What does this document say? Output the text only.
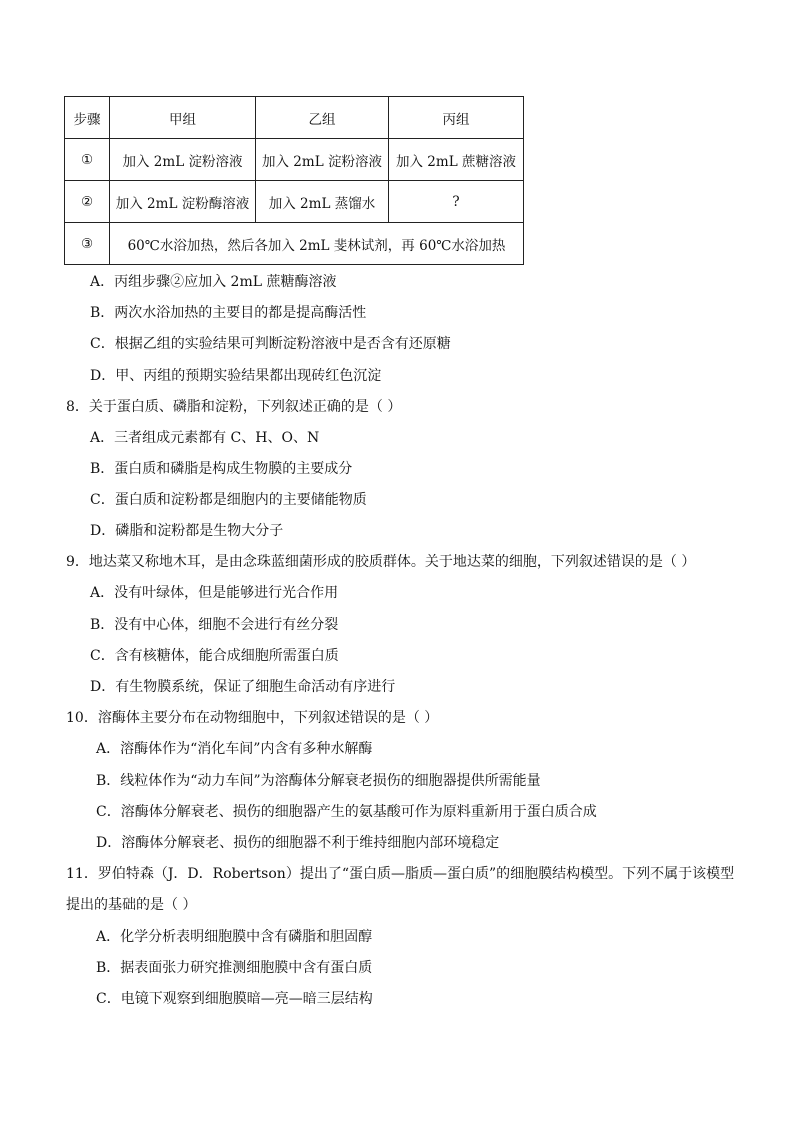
步骤	甲组	乙组	丙组
①	加入 2mL 淀粉溶液	加入 2mL 淀粉溶液	加入 2mL 蔗糖溶液
②	加入 2mL 淀粉酶溶液	加入 2mL 蒸馏水	?
③	60℃水浴加热，然后各加入 2mL 斐林试剂，再 60℃水浴加热		
A．丙组步骤②应加入 2mL 蔗糖酶溶液
B．两次水浴加热的主要目的都是提高酶活性
C．根据乙组的实验结果可判断淀粉溶液中是否含有还原糖
D．甲、丙组的预期实验结果都出现砖红色沉淀
8．关于蛋白质、磷脂和淀粉，下列叙述正确的是（ ）
A．三者组成元素都有 C、H、O、N
B．蛋白质和磷脂是构成生物膜的主要成分
C．蛋白质和淀粉都是细胞内的主要储能物质
D．磷脂和淀粉都是生物大分子
9．地达菜又称地木耳，是由念珠蓝细菌形成的胶质群体。关于地达菜的细胞，下列叙述错误的是（ ）
A．没有叶绿体，但是能够进行光合作用
B．没有中心体，细胞不会进行有丝分裂
C．含有核糖体，能合成细胞所需蛋白质
D．有生物膜系统，保证了细胞生命活动有序进行
10．溶酶体主要分布在动物细胞中，下列叙述错误的是（ ）
A．溶酶体作为“消化车间”内含有多种水解酶
B．线粒体作为“动力车间”为溶酶体分解衰老损伤的细胞器提供所需能量
C．溶酶体分解衰老、损伤的细胞器产生的氨基酸可作为原料重新用于蛋白质合成
D．溶酶体分解衰老、损伤的细胞器不利于维持细胞内部环境稳定
11．罗伯特森（J．D．Robertson）提出了“蛋白质—脂质—蛋白质”的细胞膜结构模型。下列不属于该模型
提出的基础的是（ ）
A．化学分析表明细胞膜中含有磷脂和胆固醇
B．据表面张力研究推测细胞膜中含有蛋白质
C．电镜下观察到细胞膜暗—亮—暗三层结构
